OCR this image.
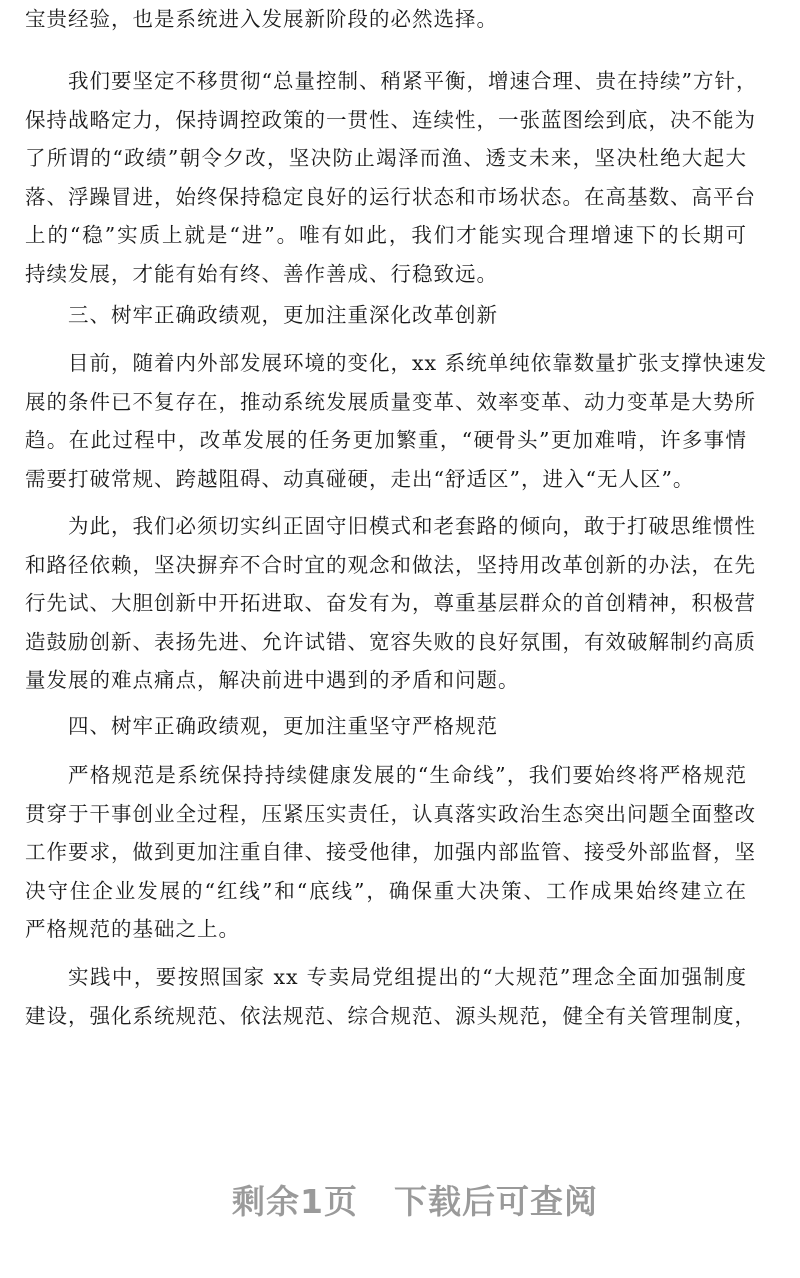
宝贵经验，也是系统进入发展新阶段的必然选择。
我们要坚定不移贯彻“总量控制、稍紧平衡，增速合理、贵在持续”方针，
保持战略定力，保持调控政策的一贯性、连续性，一张蓝图绘到底，决不能为
了所谓的“政绩”朝令夕改，坚决防止竭泽而渔、透支未来，坚决杜绝大起大
落、浮躁冒进，始终保持稳定良好的运行状态和市场状态。在高基数、高平台
上的“稳”实质上就是“进”。唯有如此，我们才能实现合理增速下的长期可
持续发展，才能有始有终、善作善成、行稳致远。
三、树牢正确政绩观，更加注重深化改革创新
目前，随着内外部发展环境的变化，xx 系统单纯依靠数量扩张支撑快速发
展的条件已不复存在，推动系统发展质量变革、效率变革、动力变革是大势所
趋。在此过程中，改革发展的任务更加繁重，“硬骨头”更加难啃，许多事情
需要打破常规、跨越阻碍、动真碰硬，走出“舒适区”，进入“无人区”。
为此，我们必须切实纠正固守旧模式和老套路的倾向，敢于打破思维惯性
和路径依赖，坚决摒弃不合时宜的观念和做法，坚持用改革创新的办法，在先
行先试、大胆创新中开拓进取、奋发有为，尊重基层群众的首创精神，积极营
造鼓励创新、表扬先进、允许试错、宽容失败的良好氛围，有效破解制约高质
量发展的难点痛点，解决前进中遇到的矛盾和问题。
四、树牢正确政绩观，更加注重坚守严格规范
严格规范是系统保持持续健康发展的“生命线”，我们要始终将严格规范
贯穿于干事创业全过程，压紧压实责任，认真落实政治生态突出问题全面整改
工作要求，做到更加注重自律、接受他律，加强内部监管、接受外部监督，坚
决守住企业发展的“红线”和“底线”，确保重大决策、工作成果始终建立在
严格规范的基础之上。
实践中，要按照国家 xx 专卖局党组提出的“大规范”理念全面加强制度
建设，强化系统规范、依法规范、综合规范、源头规范，健全有关管理制度，
剩余1页 下载后可查阅
